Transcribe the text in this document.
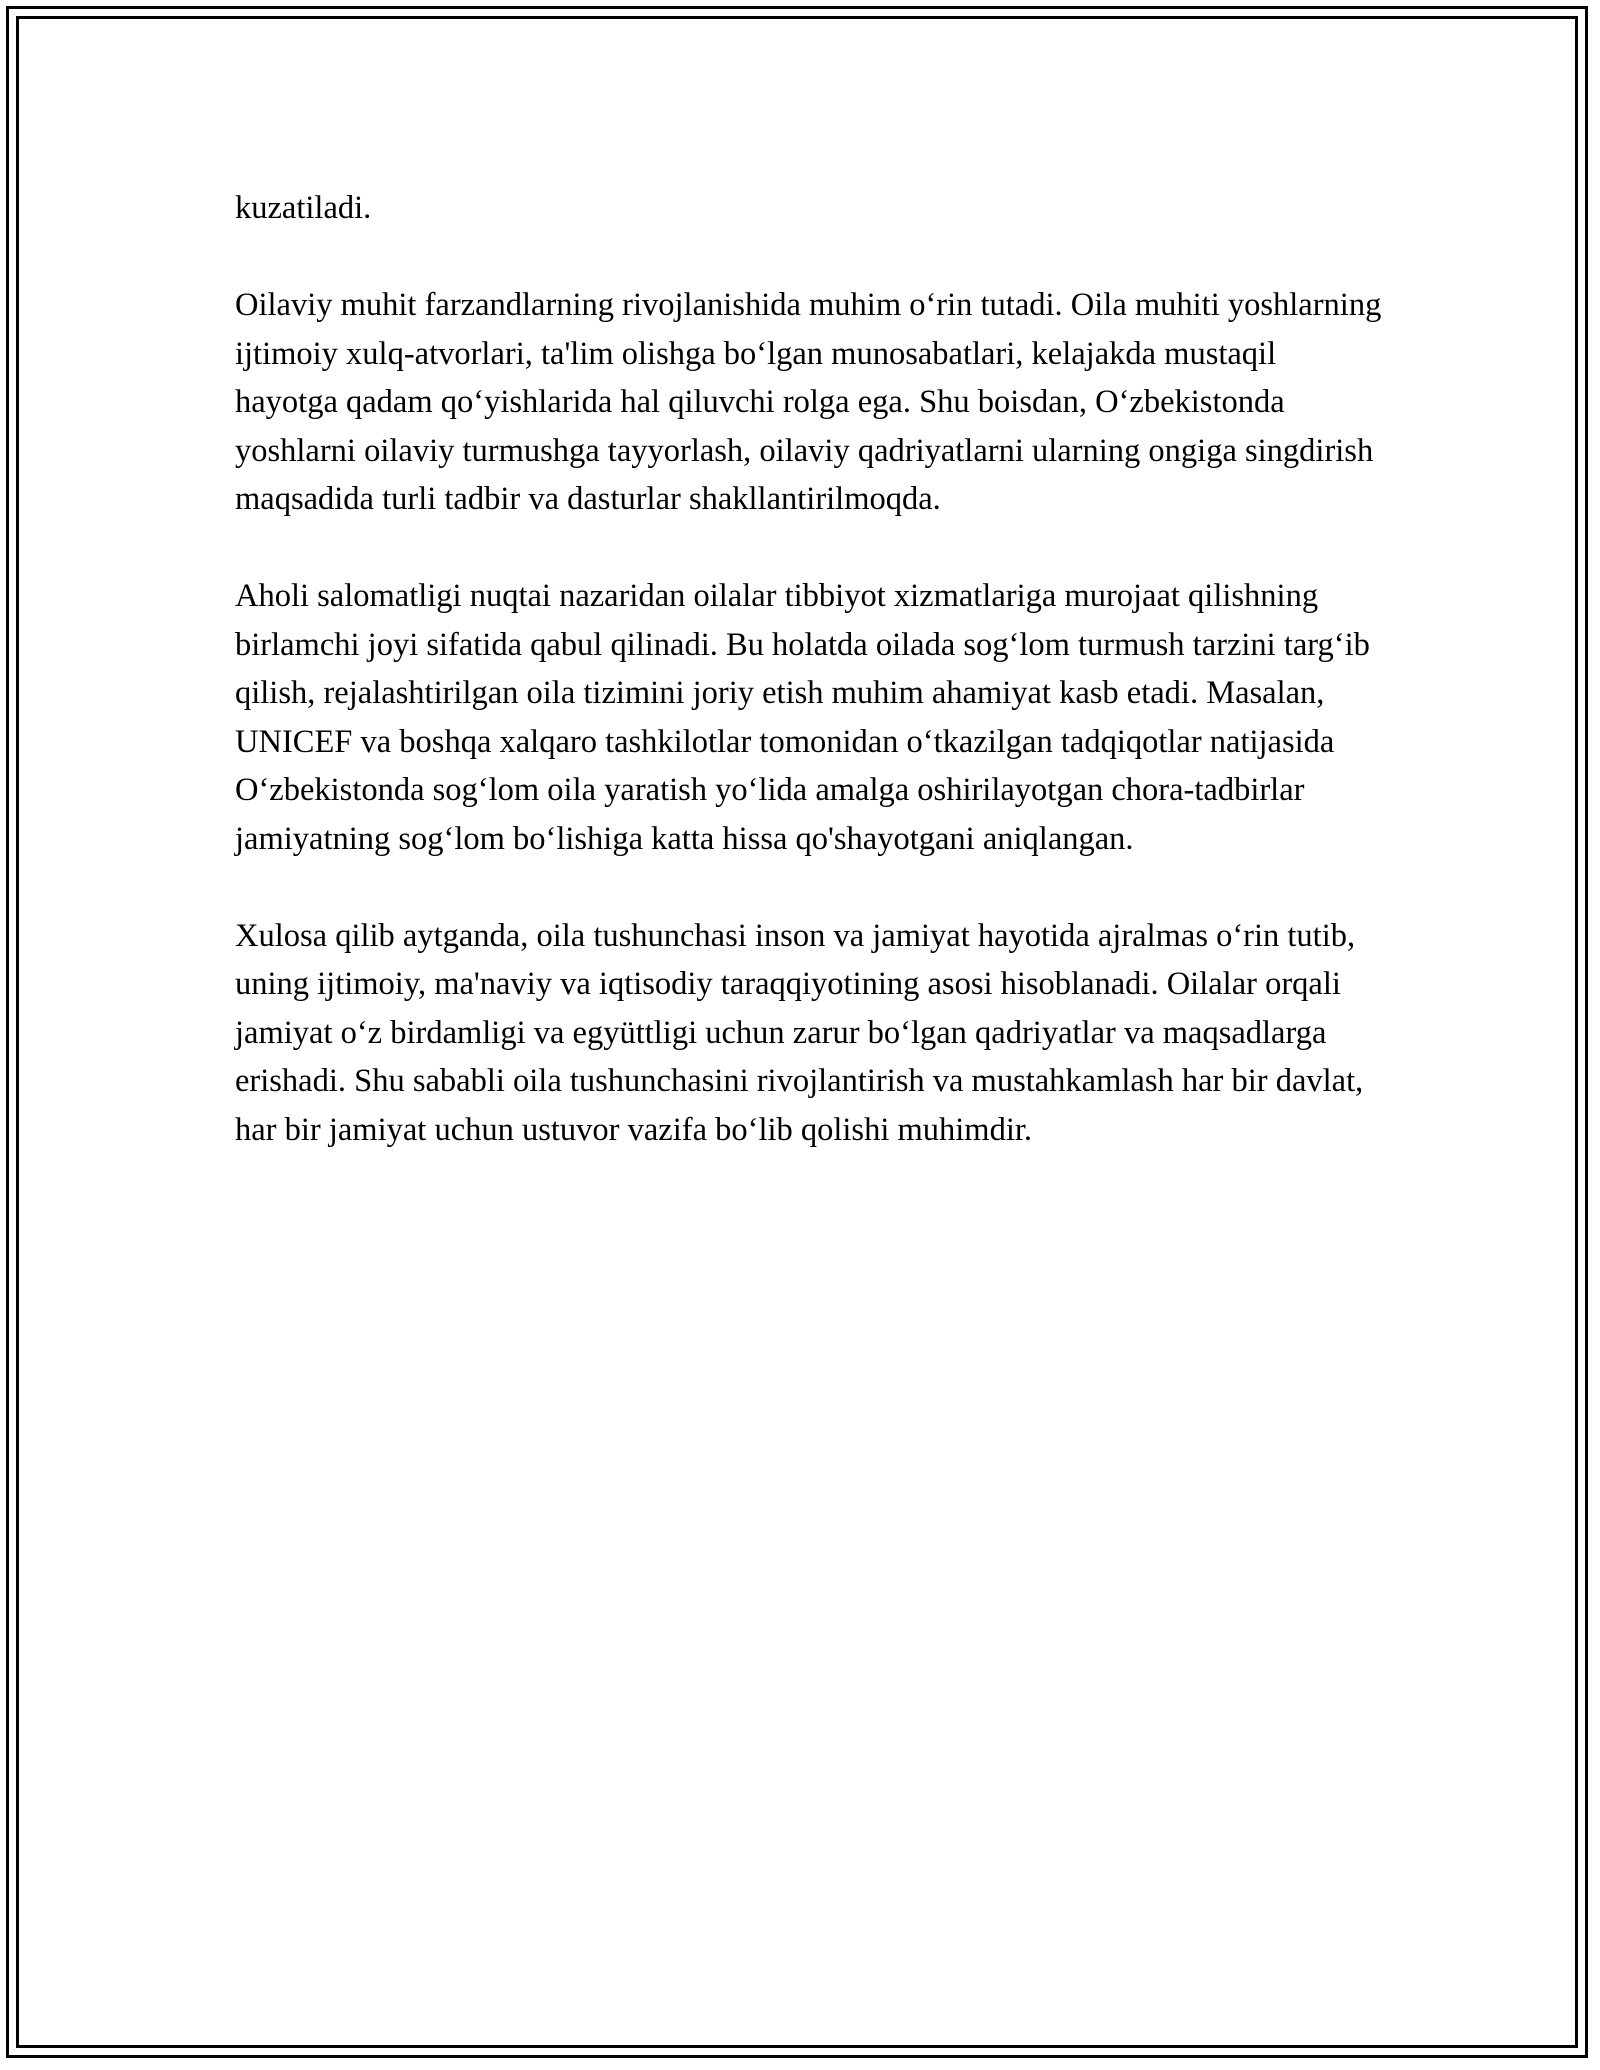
kuzatiladi.

Oilaviy muhit farzandlarning rivojlanishida muhim o‘rin tutadi. Oila muhiti yoshlarning ijtimoiy xulq-atvorlari, ta'lim olishga bo‘lgan munosabatlari, kelajakda mustaqil hayotga qadam qo‘yishlarida hal qiluvchi rolga ega. Shu boisdan, O‘zbekistonda yoshlarni oilaviy turmushga tayyorlash, oilaviy qadriyatlarni ularning ongiga singdirish maqsadida turli tadbir va dasturlar shakllantirilmoqda.

Aholi salomatligi nuqtai nazaridan oilalar tibbiyot xizmatlariga murojaat qilishning birlamchi joyi sifatida qabul qilinadi. Bu holatda oilada sog‘lom turmush tarzini targ‘ib qilish, rejalashtirilgan oila tizimini joriy etish muhim ahamiyat kasb etadi. Masalan, UNICEF va boshqa xalqaro tashkilotlar tomonidan o‘tkazilgan tadqiqotlar natijasida O‘zbekistonda sog‘lom oila yaratish yo‘lida amalga oshirilayotgan chora-tadbirlar jamiyatning sog‘lom bo‘lishiga katta hissa qo'shayotgani aniqlangan.

Xulosa qilib aytganda, oila tushunchasi inson va jamiyat hayotida ajralmas o‘rin tutib, uning ijtimoiy, ma'naviy va iqtisodiy taraqqiyotining asosi hisoblanadi. Oilalar orqali jamiyat o‘z birdamligi va együttligi uchun zarur bo‘lgan qadriyatlar va maqsadlarga erishadi. Shu sababli oila tushunchasini rivojlantirish va mustahkamlash har bir davlat, har bir jamiyat uchun ustuvor vazifa bo‘lib qolishi muhimdir.
